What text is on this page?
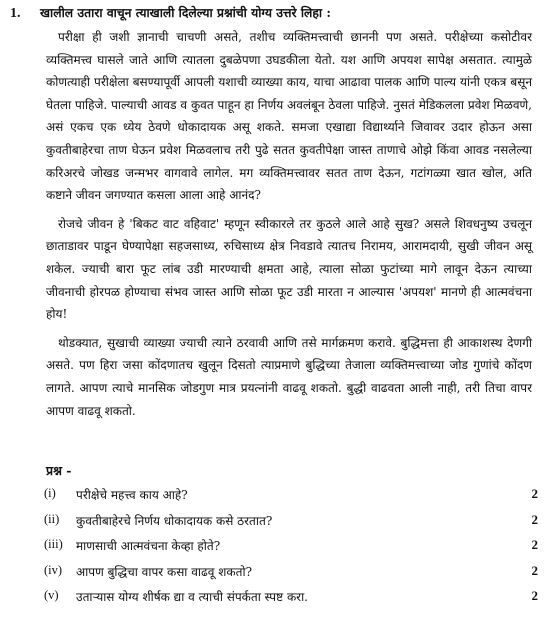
1. खालील उतारा वाचून त्याखाली दिलेल्या प्रश्नांची योग्य उत्तरे लिहा :

परीक्षा ही जशी ज्ञानाची चाचणी असते, तशीच व्यक्तिमत्त्वाची छाननी पण असते. परीक्षेच्या कसोटीवर व्यक्तिमत्त्व घासले जाते आणि त्यातला दुबळेपणा उघडकीला येतो. यश आणि अपयश सापेक्ष असतात. त्यामुळे कोणत्याही परीक्षेला बसण्यापूर्वी आपली यशाची व्याख्या काय, याचा आढावा पालक आणि पाल्य यांनी एकत्र बसून घेतला पाहिजे. पाल्याची आवड व कुवत पाहून हा निर्णय अवलंबून ठेवला पाहिजे. नुसतं मेडिकलला प्रवेश मिळवणे, असं एकच एक ध्येय ठेवणे धोकादायक असू शकते. समजा एखाद्या विद्यार्थ्याने जिवावर उदार होऊन असा कुवतीबाहेरचा ताण घेऊन प्रवेश मिळवलाच तरी पुढे सतत कुवतीपेक्षा जास्त ताणाचे ओझे किंवा आवड नसलेल्या करिअरचे जोखड जन्मभर वागवावे लागेल. मग व्यक्तिमत्त्वावर सतत ताण देऊन, गटांगळ्या खात खोल, अति कष्टाने जीवन जगण्यात कसला आला आहे आनंद?

रोजचे जीवन हे 'बिकट वाट वहिवाट' म्हणून स्वीकारले तर कुठले आले आहे सुख? असले शिवधनुष्य उचलून छाताडावर पाडून घेण्यापेक्षा सहजसाध्य, रुचिसाध्य क्षेत्र निवडावे त्यातच निरामय, आरामदायी, सुखी जीवन असू शकेल. ज्याची बारा फूट लांब उडी मारण्याची क्षमता आहे, त्याला सोळा फुटांच्या मागे लावून देऊन त्याच्या जीवनाची होरपळ होण्याचा संभव जास्त आणि सोळा फूट उडी मारता न आल्यास 'अपयश' मानणे ही आत्मवंचना होय!

थोडक्यात, सुखाची व्याख्या ज्याची त्याने ठरवावी आणि तसे मार्गक्रमण करावे. बुद्धिमत्ता ही आकाशस्थ देणगी असते. पण हिरा जसा कोंदणातच खुलून दिसतो त्याप्रमाणे बुद्धिच्या तेजाला व्यक्तिमत्त्वाच्या जोड गुणांचे कोंदण लागते. आपण त्याचे मानसिक जोडगुण मात्र प्रयत्नांनी वाढवू शकतो. बुद्धी वाढवता आली नाही, तरी तिचा वापर आपण वाढवू शकतो.

प्रश्न -
(i) परीक्षेचे महत्त्व काय आहे?	2
(ii) कुवतीबाहेरचे निर्णय धोकादायक कसे ठरतात?	2
(iii) माणसाची आत्मवंचना केव्हा होते?	2
(iv) आपण बुद्धिचा वापर कसा वाढवू शकतो?	2
(v) उताऱ्यास योग्य शीर्षक द्या व त्याची संपर्कता स्पष्ट करा.	2
